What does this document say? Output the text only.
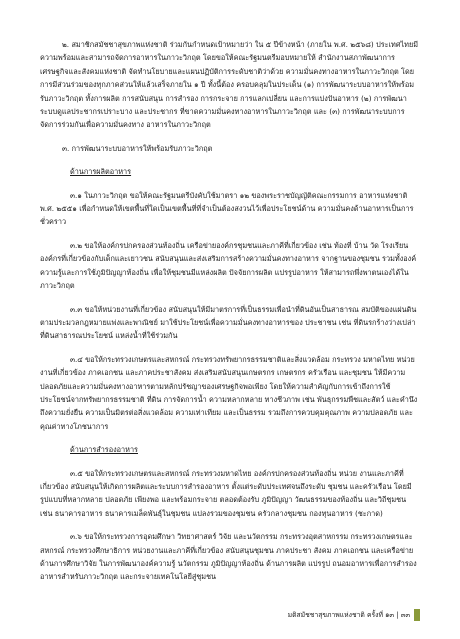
๒. สมาชิกสมัชชาสุขภาพแห่งชาติ ร่วมกันกำหนดเป้าหมายว่า ใน ๕ ปีข้างหน้า (ภายใน พ.ศ. ๒๕๖๘) ประเทศไทยมีความพร้อมและสามารถจัดการอาหารในภาวะวิกฤต โดยขอให้คณะรัฐมนตรีมอบหมายให้ สำนักงานสภาพัฒนาการเศรษฐกิจและสังคมแห่งชาติ จัดทำนโยบายและแผนปฏิบัติการระดับชาติว่าด้วย ความมั่นคงทางอาหารในภาวะวิกฤต โดยการมีส่วนร่วมของทุกภาคส่วนให้แล้วเสร็จภายใน ๑ ปี ทั้งนี้ต้อง ครอบคลุมในประเด็น (๑) การพัฒนาระบบอาหารให้พร้อมรับภาวะวิกฤต ทั้งการผลิต การสนับสนุน การสำรอง การกระจาย การแลกเปลี่ยน และการแบ่งปันอาหาร (๒) การพัฒนาระบบดูแลประชากรเปราะบาง และประชากร ที่ขาดความมั่นคงทางอาหารในภาวะวิกฤต และ (๓) การพัฒนาระบบการจัดการร่วมกันเพื่อความมั่นคงทาง อาหารในภาวะวิกฤต

๓. การพัฒนาระบบอาหารให้พร้อมรับภาวะวิกฤต

ด้านการผลิตอาหาร

๓.๑ ในภาวะวิกฤต ขอให้คณะรัฐมนตรีบังคับใช้มาตรา ๑๒ ของพระราชบัญญัติคณะกรรมการ อาหารแห่งชาติ พ.ศ. ๒๕๕๑ เพื่อกำหนดให้เขตพื้นที่ใดเป็นเขตพื้นที่ที่จำเป็นต้องสงวนไว้เพื่อประโยชน์ด้าน ความมั่นคงด้านอาหารเป็นการชั่วคราว

๓.๒ ขอให้องค์กรปกครองส่วนท้องถิ่น เครือข่ายองค์กรชุมชนและภาคีที่เกี่ยวข้อง เช่น ท้องที่ บ้าน วัด โรงเรียน องค์กรที่เกี่ยวข้องกับเด็กและเยาวชน สนับสนุนและส่งเสริมการสร้างความมั่นคงทางอาหาร จากฐานของชุมชน รวมทั้งองค์ความรู้และการใช้ภูมิปัญญาท้องถิ่น เพื่อให้ชุมชนมีแหล่งผลิต ปัจจัยการผลิต แปรรูปอาหาร ให้สามารถพึ่งพาตนเองได้ในภาวะวิกฤต

๓.๓ ขอให้หน่วยงานที่เกี่ยวข้อง สนับสนุนให้มีมาตรการที่เป็นธรรมเพื่อนำที่ดินอันเป็นสาธารณ สมบัติของแผ่นดินตามประมวลกฎหมายแพ่งและพาณิชย์ มาใช้ประโยชน์เพื่อความมั่นคงทางอาหารของ ประชาชน เช่น ที่ดินรกร้างว่างเปล่า ที่ดินสาธารณประโยชน์ แหล่งน้ำที่ใช้ร่วมกัน

๓.๔ ขอให้กระทรวงเกษตรและสหกรณ์ กระทรวงทรัพยากรธรรมชาติและสิ่งแวดล้อม กระทรวง มหาดไทย หน่วยงานที่เกี่ยวข้อง ภาคเอกชน และภาคประชาสังคม ส่งเสริมสนับสนุนเกษตรกร เกษตรกร ครัวเรือน และชุมชน ให้มีความปลอดภัยและความมั่นคงทางอาหารตามหลักปรัชญาของเศรษฐกิจพอเพียง โดยให้ความสำคัญกับการเข้าถึงการใช้ประโยชน์จากทรัพยากรธรรมชาติ ที่ดิน การจัดการน้ำ ความหลากหลาย ทางชีวภาพ เช่น พันธุกรรมพืชและสัตว์ และคำนึงถึงความยั่งยืน ความเป็นมิตรต่อสิ่งแวดล้อม ความเท่าเทียม และเป็นธรรม รวมถึงการควบคุมคุณภาพ ความปลอดภัย และคุณค่าทางโภชนาการ

ด้านการสำรองอาหาร

๓.๕ ขอให้กระทรวงเกษตรและสหกรณ์ กระทรวงมหาดไทย องค์กรปกครองส่วนท้องถิ่น หน่วย งานและภาคีที่เกี่ยวข้อง สนับสนุนให้เกิดการผลิตและระบบการสำรองอาหาร ตั้งแต่ระดับประเทศจนถึงระดับ ชุมชน และครัวเรือน โดยมีรูปแบบที่หลากหลาย ปลอดภัย เพียงพอ และพร้อมกระจาย ตลอดต้องรับ ภูมิปัญญา วัฒนธรรมของท้องถิ่น และวิถีชุมชน เช่น ธนาคารอาหาร ธนาคารเมล็ดพันธุ์ในชุมชน แปลงรวมของชุมชน ครัวกลางชุมชน กองทุนอาหาร (ชะกาด)

๓.๖ ขอให้กระทรวงการอุดมศึกษา วิทยาศาสตร์ วิจัย และนวัตกรรม กระทรวงอุตสาหกรรม กระทรวงเกษตรและสหกรณ์ กระทรวงศึกษาธิการ หน่วยงานและภาคีที่เกี่ยวข้อง สนับสนุนชุมชน ภาคประชา สังคม ภาคเอกชน และเครือข่ายด้านการศึกษาวิจัย ในการพัฒนาองค์ความรู้ นวัตกรรม ภูมิปัญญาท้องถิ่น ด้านการผลิต แปรรูป ถนอมอาหารเพื่อการสำรองอาหารสำหรับภาวะวิกฤต และกระจายเทคโนโลยีสู่ชุมชน

มติสมัชชาสุขภาพแห่งชาติ ครั้งที่ ๑๓ | ๓๓
